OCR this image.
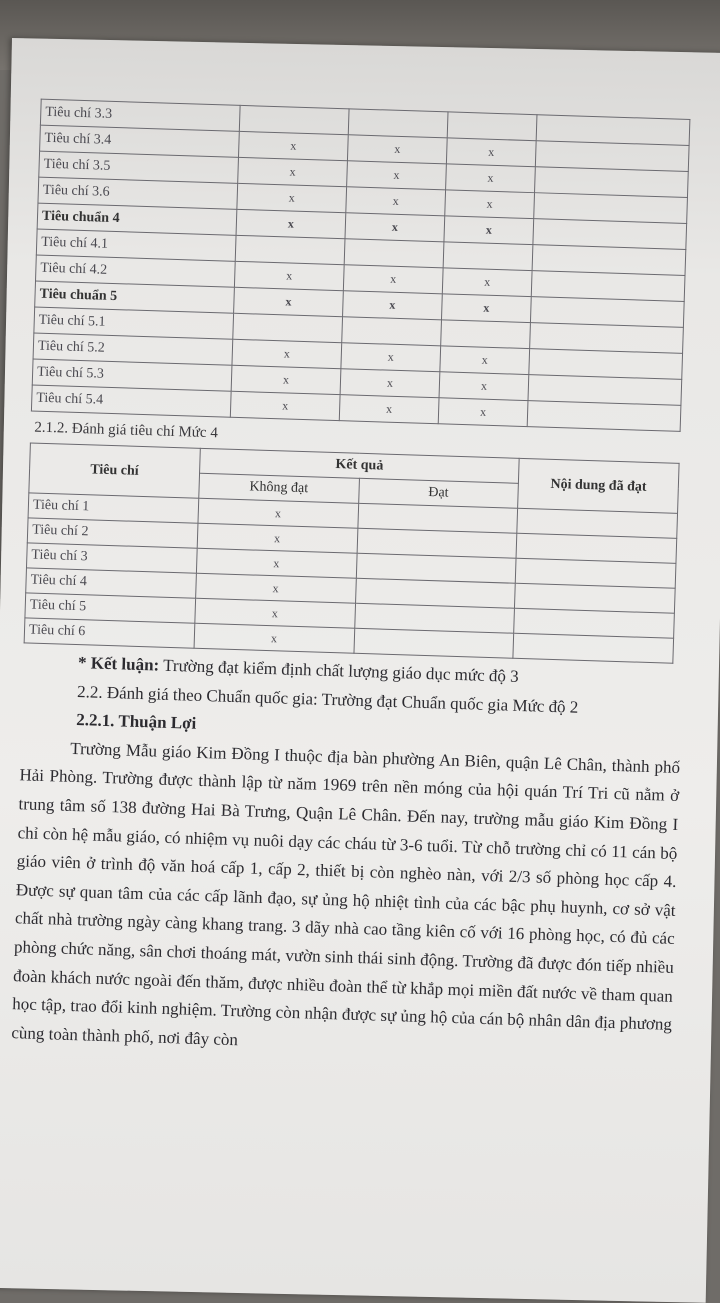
Tiêu chí 3.3				
Tiêu chí 3.4	x	x	x	
Tiêu chí 3.5	x	x	x	
Tiêu chí 3.6	x	x	x	
Tiêu chuẩn 4	x	x	x	
Tiêu chí 4.1				
Tiêu chí 4.2	x	x	x	
Tiêu chuẩn 5	x	x	x	
Tiêu chí 5.1				
Tiêu chí 5.2	x	x	x	
Tiêu chí 5.3	x	x	x	
Tiêu chí 5.4	x	x	x	
2.1.2. Đánh giá tiêu chí Mức 4
Tiêu chí	Kết quả		Nội dung đã đạt
	Không đạt	Đạt	
Tiêu chí 1	x		
Tiêu chí 2	x		
Tiêu chí 3	x		
Tiêu chí 4	x		
Tiêu chí 5	x		
Tiêu chí 6	x		

* Kết luận: Trường đạt kiểm định chất lượng giáo dục mức độ 3

2.2. Đánh giá theo Chuẩn quốc gia: Trường đạt Chuẩn quốc gia Mức độ 2

2.2.1. Thuận Lợi

Trường Mẫu giáo Kim Đồng I thuộc địa bàn phường An Biên, quận Lê Chân, thành phố Hải Phòng. Trường được thành lập từ năm 1969 trên nền móng của hội quán Trí Tri cũ nằm ở trung tâm số 138 đường Hai Bà Trưng, Quận Lê Chân. Đến nay, trường mẫu giáo Kim Đồng I chỉ còn hệ mẫu giáo, có nhiệm vụ nuôi dạy các cháu từ 3-6 tuổi. Từ chỗ trường chỉ có 11 cán bộ giáo viên ở trình độ văn hoá cấp 1, cấp 2, thiết bị còn nghèo nàn, với 2/3 số phòng học cấp 4. Được sự quan tâm của các cấp lãnh đạo, sự ủng hộ nhiệt tình của các bậc phụ huynh, cơ sở vật chất nhà trường ngày càng khang trang. 3 dãy nhà cao tầng kiên cố với 16 phòng học, có đủ các phòng chức năng, sân chơi thoáng mát, vườn sinh thái sinh động. Trường đã được đón tiếp nhiều đoàn khách nước ngoài đến thăm, được nhiều đoàn thể từ khắp mọi miền đất nước về tham quan học tập, trao đổi kinh nghiệm. Trường còn nhận được sự ủng hộ của cán bộ nhân dân địa phương cùng toàn thành phố, nơi đây còn
